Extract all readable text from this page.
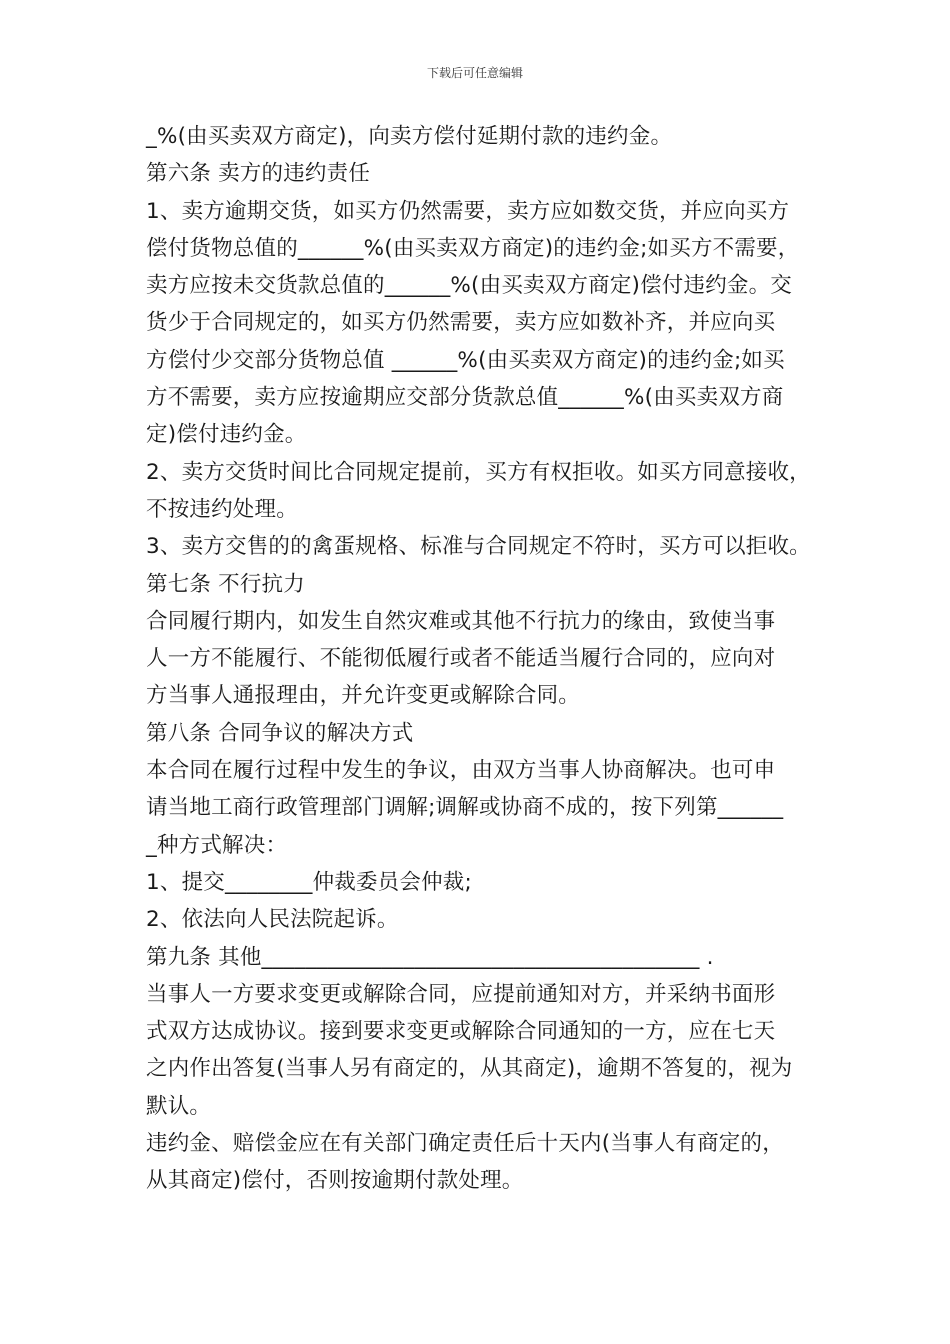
下载后可任意编辑
_%(由买卖双方商定)，向卖方偿付延期付款的违约金。
第六条 卖方的违约责任
1、卖方逾期交货，如买方仍然需要，卖方应如数交货，并应向买方
偿付货物总值的______%(由买卖双方商定)的违约金;如买方不需要，
卖方应按未交货款总值的______%(由买卖双方商定)偿付违约金。交
货少于合同规定的，如买方仍然需要，卖方应如数补齐，并应向买
方偿付少交部分货物总值 ______%(由买卖双方商定)的违约金;如买
方不需要，卖方应按逾期应交部分货款总值______%(由买卖双方商
定)偿付违约金。
2、卖方交货时间比合同规定提前，买方有权拒收。如买方同意接收，
不按违约处理。
3、卖方交售的的禽蛋规格、标准与合同规定不符时，买方可以拒收。
第七条 不行抗力
合同履行期内，如发生自然灾难或其他不行抗力的缘由，致使当事
人一方不能履行、不能彻低履行或者不能适当履行合同的，应向对
方当事人通报理由，并允许变更或解除合同。
第八条 合同争议的解决方式
本合同在履行过程中发生的争议，由双方当事人协商解决。也可申
请当地工商行政管理部门调解;调解或协商不成的，按下列第______
_种方式解决：
1、提交________仲裁委员会仲裁;
2、依法向人民法院起诉。
第九条 其他________________________________________ .
当事人一方要求变更或解除合同，应提前通知对方，并采纳书面形
式双方达成协议。接到要求变更或解除合同通知的一方，应在七天
之内作出答复(当事人另有商定的，从其商定)，逾期不答复的，视为
默认。
违约金、赔偿金应在有关部门确定责任后十天内(当事人有商定的，
从其商定)偿付，否则按逾期付款处理。
